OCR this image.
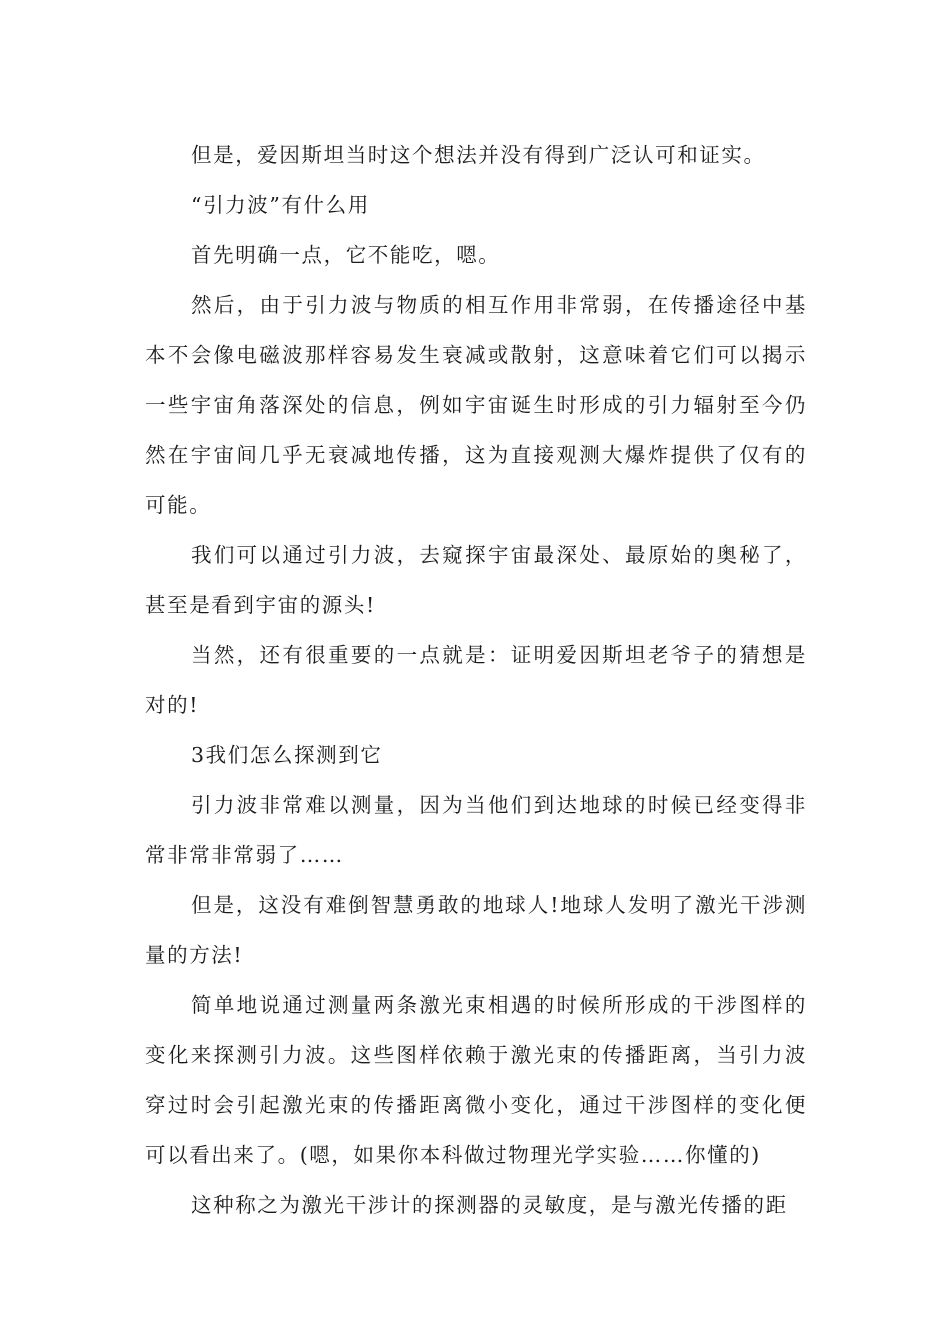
但是，爱因斯坦当时这个想法并没有得到广泛认可和证实。

“引力波”有什么用

首先明确一点，它不能吃，嗯。

然后，由于引力波与物质的相互作用非常弱，在传播途径中基本不会像电磁波那样容易发生衰减或散射，这意味着它们可以揭示一些宇宙角落深处的信息，例如宇宙诞生时形成的引力辐射至今仍然在宇宙间几乎无衰减地传播，这为直接观测大爆炸提供了仅有的可能。

我们可以通过引力波，去窥探宇宙最深处、最原始的奥秘了，甚至是看到宇宙的源头!

当然，还有很重要的一点就是：证明爱因斯坦老爷子的猜想是对的!

3我们怎么探测到它

引力波非常难以测量，因为当他们到达地球的时候已经变得非常非常非常弱了……

但是，这没有难倒智慧勇敢的地球人!地球人发明了激光干涉测量的方法!

简单地说通过测量两条激光束相遇的时候所形成的干涉图样的变化来探测引力波。这些图样依赖于激光束的传播距离，当引力波穿过时会引起激光束的传播距离微小变化，通过干涉图样的变化便可以看出来了。(嗯，如果你本科做过物理光学实验……你懂的)

这种称之为激光干涉计的探测器的灵敏度，是与激光传播的距
